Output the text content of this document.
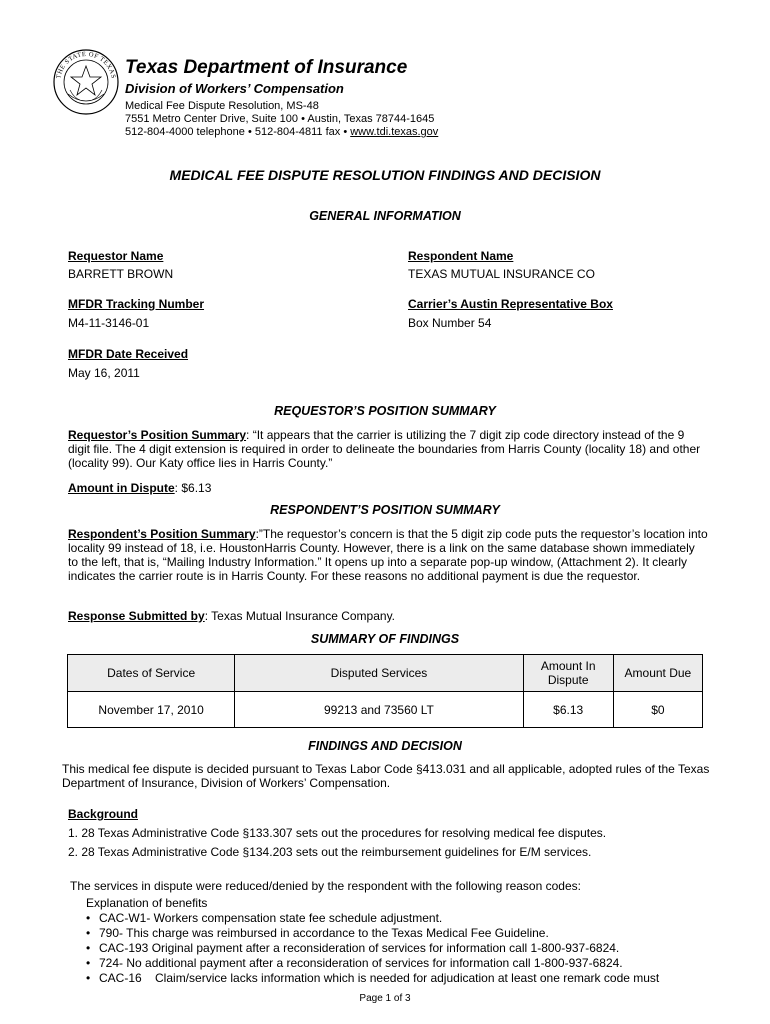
THE STATE OF TEXAS Texas Department of Insurance
Division of Workers’ Compensation
Medical Fee Dispute Resolution, MS-48
7551 Metro Center Drive, Suite 100 • Austin, Texas 78744-1645
512-804-4000 telephone • 512-804-4811 fax • www.tdi.texas.gov
MEDICAL FEE DISPUTE RESOLUTION FINDINGS AND DECISION
GENERAL INFORMATION
Requestor Name
BARRETT BROWN
Respondent Name
TEXAS MUTUAL INSURANCE CO
MFDR Tracking Number
M4-11-3146-01
Carrier’s Austin Representative Box
Box Number 54
MFDR Date Received
May 16, 2011
REQUESTOR’S POSITION SUMMARY
Requestor’s Position Summary: “It appears that the carrier is utilizing the 7 digit zip code directory instead of the 9 digit file. The 4 digit extension is required in order to delineate the boundaries from Harris County (locality 18) and other (locality 99). Our Katy office lies in Harris County.”
Amount in Dispute: $6.13
RESPONDENT’S POSITION SUMMARY
Respondent’s Position Summary:”The requestor’s concern is that the 5 digit zip code puts the requestor’s location into locality 99 instead of 18, i.e. HoustonHarris County. However, there is a link on the same database shown immediately to the left, that is, “Mailing Industry Information.” It opens up into a separate pop-up window, (Attachment 2). It clearly indicates the carrier route is in Harris County. For these reasons no additional payment is due the requestor.
Response Submitted by: Texas Mutual Insurance Company.
SUMMARY OF FINDINGS
Dates of Service	Disputed Services	Amount In Dispute	Amount Due
November 17, 2010	99213 and 73560 LT	$6.13	$0
FINDINGS AND DECISION
This medical fee dispute is decided pursuant to Texas Labor Code §413.031 and all applicable, adopted rules of the Texas Department of Insurance, Division of Workers’ Compensation.
Background
1. 28 Texas Administrative Code §133.307 sets out the procedures for resolving medical fee disputes.
2. 28 Texas Administrative Code §134.203 sets out the reimbursement guidelines for E/M services.
The services in dispute were reduced/denied by the respondent with the following reason codes:
Explanation of benefits
• CAC-W1- Workers compensation state fee schedule adjustment.
• 790- This charge was reimbursed in accordance to the Texas Medical Fee Guideline.
• CAC-193 Original payment after a reconsideration of services for information call 1-800-937-6824.
• 724- No additional payment after a reconsideration of services for information call 1-800-937-6824.
• CAC-16    Claim/service lacks information which is needed for adjudication at least one remark code must
Page 1 of 3
